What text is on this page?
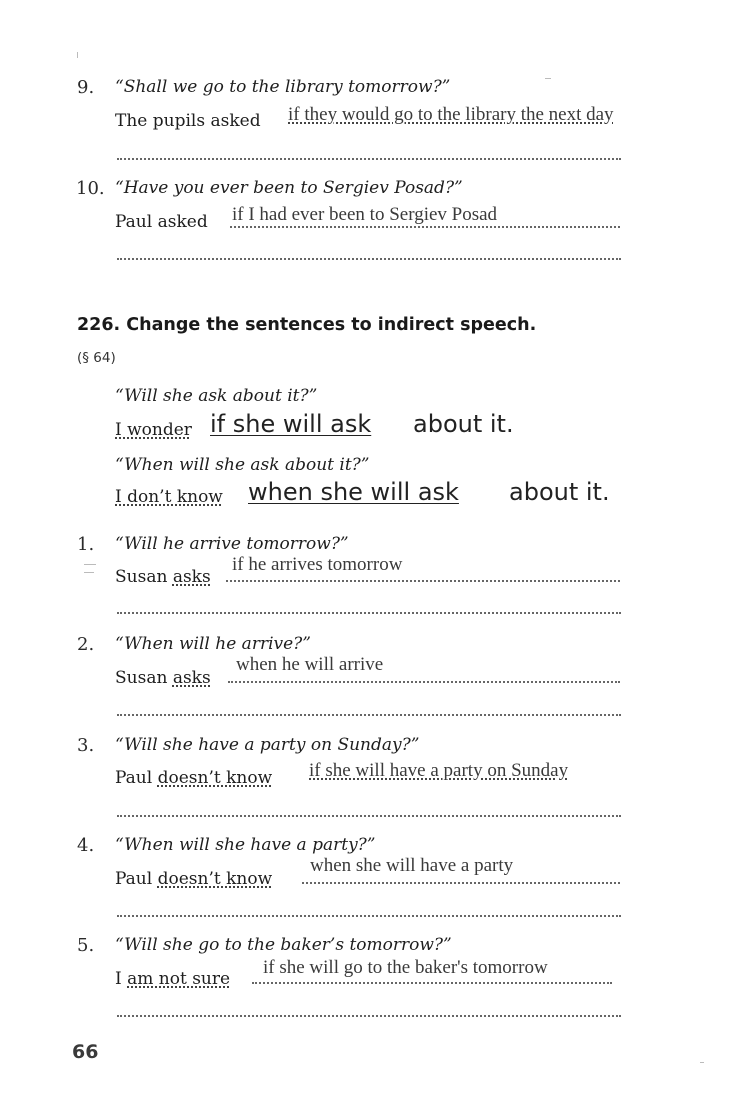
9. “Shall we go to the library tomorrow?”
The pupils asked if they would go to the library the next day
10. “Have you ever been to Sergiev Posad?”
Paul asked if I had ever been to Sergiev Posad
226. Change the sentences to indirect speech.
(§ 64)
“Will she ask about it?”
I wonder if she will ask about it.
“When will she ask about it?”
I don’t know when she will ask about it.
1. “Will he arrive tomorrow?”
Susan asks
if he arrives tomorrow
2. “When will he arrive?”
Susan asks
when he will arrive
3. “Will she have a party on Sunday?”
Paul doesn’t know if she will have a party on Sunday
4. “When will she have a party?”
Paul doesn’t know
when she will have a party
5. “Will she go to the baker’s tomorrow?”
I am not sure
if she will go to the baker's tomorrow
66
